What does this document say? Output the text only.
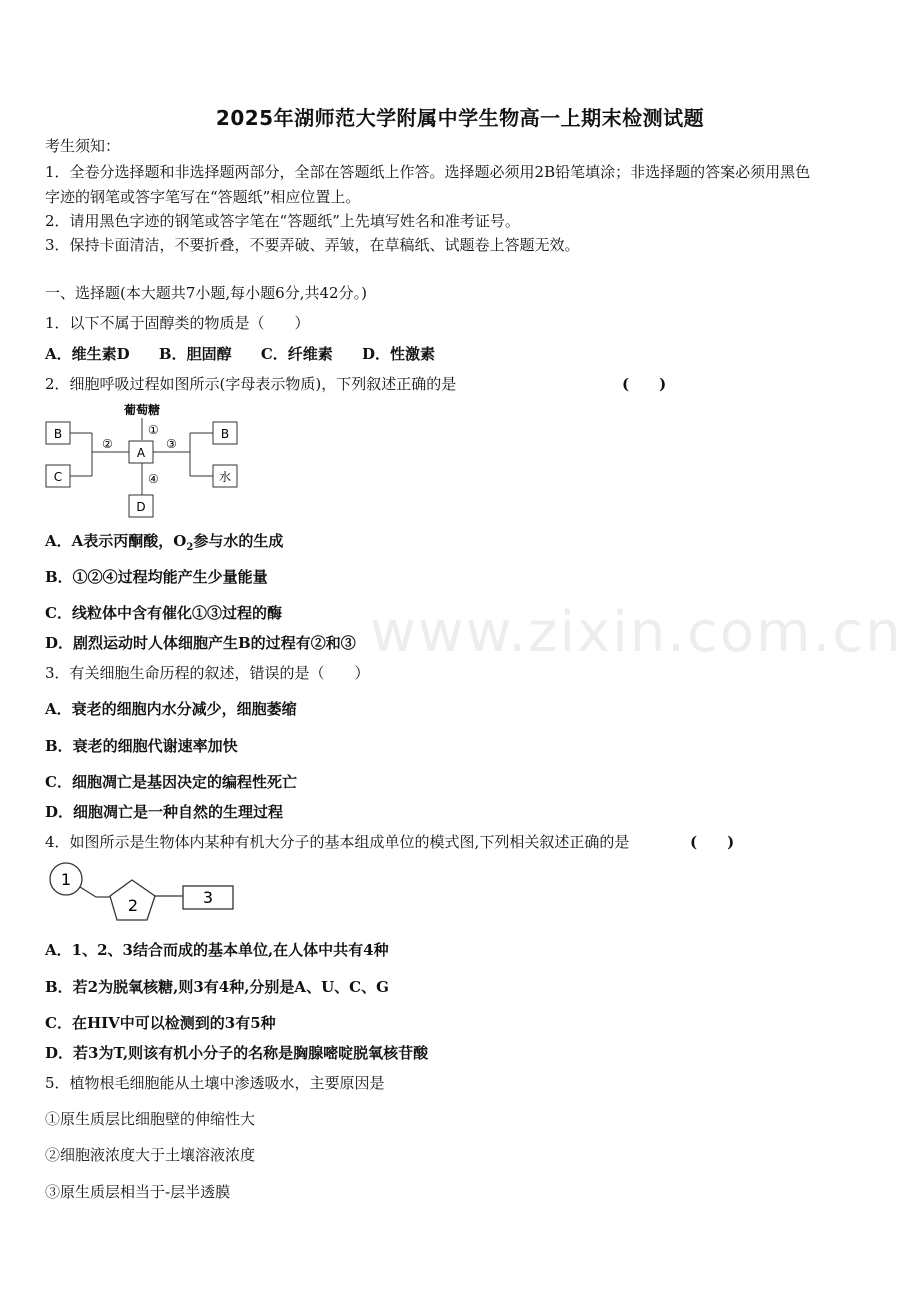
2025年湖师范大学附属中学生物高一上期末检测试题
考生须知：
1．全卷分选择题和非选择题两部分，全部在答题纸上作答。选择题必须用2B铅笔填涂；非选择题的答案必须用黑色
字迹的钢笔或答字笔写在“答题纸”相应位置上。
2．请用黑色字迹的钢笔或答字笔在“答题纸”上先填写姓名和准考证号。
3．保持卡面清洁，不要折叠，不要弄破、弄皱，在草稿纸、试题卷上答题无效。
一、选择题(本大题共7小题,每小题6分,共42分。)
1．以下不属于固醇类的物质是（　　）
A．维生素D B．胆固醇 C．纤维素 D．性激素
2．细胞呼吸过程如图所示(字母表示物质)，下列叙述正确的是	(　　)
葡萄糖
①
A
②
B
C
③
B
水
④
D
A．A表示丙酮酸，$O_2$参与水的生成
B．①②④过程均能产生少量能量
C．线粒体中含有催化①③过程的酶
D．剧烈运动时人体细胞产生B的过程有②和③
3．有关细胞生命历程的叙述，错误的是（　　）
A．衰老的细胞内水分减少，细胞萎缩
B．衰老的细胞代谢速率加快
C．细胞凋亡是基因决定的编程性死亡
D．细胞凋亡是一种自然的生理过程
4．如图所示是生物体内某种有机大分子的基本组成单位的模式图,下列相关叙述正确的是	(　　)
1
2	3
A．1、2、3结合而成的基本单位,在人体中共有4种
B．若2为脱氧核糖,则3有4种,分别是A、U、C、G
C．在HIV中可以检测到的3有5种
D．若3为T,则该有机小分子的名称是胸腺嘧啶脱氧核苷酸
5．植物根毛细胞能从土壤中渗透吸水，主要原因是
①原生质层比细胞壁的伸缩性大
②细胞液浓度大于土壤溶液浓度
③原生质层相当于-层半透膜
www.zixin.com.cn
